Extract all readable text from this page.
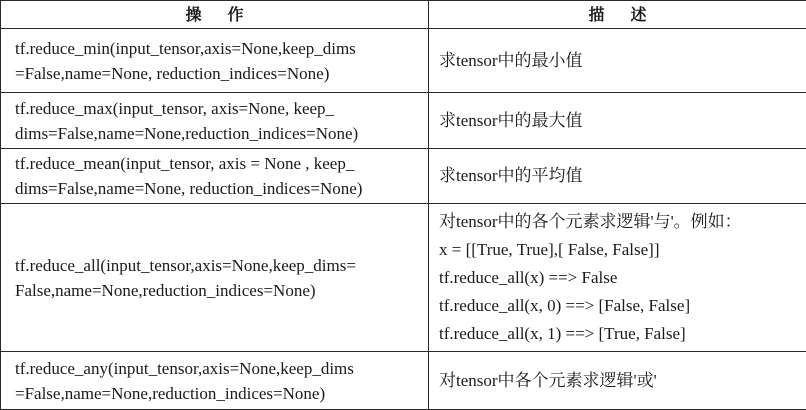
操作	描述

tf.reduce_min(input_tensor,axis=None,keep_dims =False,name=None, reduction_indices=None)	求tensor中的最小值

tf.reduce_max(input_tensor, axis=None, keep_ dims=False,name=None,reduction_indices=None)	求tensor中的最大值

tf.reduce_mean(input_tensor, axis = None , keep_ dims=False,name=None, reduction_indices=None)	求tensor中的平均值

tf.reduce_all(input_tensor,axis=None,keep_dims= False,name=None,reduction_indices=None)	对tensor中的各个元素求逻辑'与'。例如：
x = [[True, True],[ False, False]]
tf.reduce_all(x) ==> False
tf.reduce_all(x, 0) ==> [False, False]
tf.reduce_all(x, 1) ==> [True, False]

tf.reduce_any(input_tensor,axis=None,keep_dims =False,name=None,reduction_indices=None)	对tensor中各个元素求逻辑'或'
